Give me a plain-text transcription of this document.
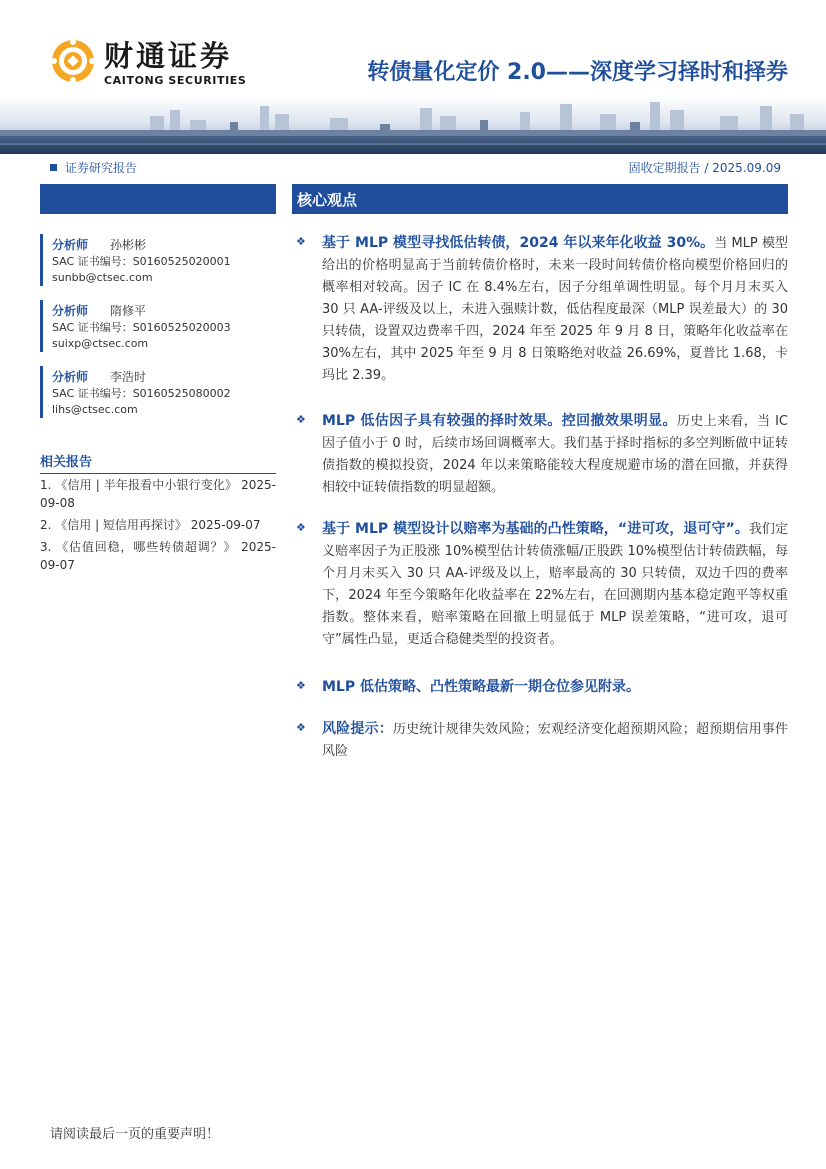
财通证券
CAITONG SECURITIES	转债量化定价 2.0——深度学习择时和择券
证券研究报告	固收定期报告 / 2025.09.09
分析师 孙彬彬
SAC 证书编号：S0160525020001
sunbb@ctsec.com
分析师 隋修平
SAC 证书编号：S0160525020003
suixp@ctsec.com
分析师 李浩时
SAC 证书编号：S0160525080002
lihs@ctsec.com
相关报告
1. 《信用 | 半年报看中小银行变化》 2025-09-08
2. 《信用 | 短信用再探讨》 2025-09-07
3. 《估值回稳，哪些转债超调？》 2025-09-07
核心观点
❖ 基于 MLP 模型寻找低估转债，2024 年以来年化收益 30%。当 MLP 模型给出的价格明显高于当前转债价格时，未来一段时间转债价格向模型价格回归的概率相对较高。因子 IC 在 8.4%左右，因子分组单调性明显。每个月月末买入 30 只 AA-评级及以上，未进入强赎计数，低估程度最深（MLP 误差最大）的 30 只转债，设置双边费率千四，2024 年至 2025 年 9 月 8 日，策略年化收益率在 30%左右，其中 2025 年至 9 月 8 日策略绝对收益 26.69%，夏普比 1.68，卡玛比 2.39。
❖ MLP 低估因子具有较强的择时效果。控回撤效果明显。历史上来看，当 IC 因子值小于 0 时，后续市场回调概率大。我们基于择时指标的多空判断做中证转债指数的模拟投资，2024 年以来策略能较大程度规避市场的潜在回撤，并获得相较中证转债指数的明显超额。
❖ 基于 MLP 模型设计以赔率为基础的凸性策略，“进可攻，退可守”。我们定义赔率因子为正股涨 10%模型估计转债涨幅/正股跌 10%模型估计转债跌幅，每个月月末买入 30 只 AA-评级及以上，赔率最高的 30 只转债，双边千四的费率下，2024 年至今策略年化收益率在 22%左右，在回测期内基本稳定跑平等权重指数。整体来看，赔率策略在回撤上明显低于 MLP 误差策略，“进可攻，退可守”属性凸显，更适合稳健类型的投资者。
❖ MLP 低估策略、凸性策略最新一期仓位参见附录。
❖ 风险提示：历史统计规律失效风险；宏观经济变化超预期风险；超预期信用事件风险
请阅读最后一页的重要声明！
